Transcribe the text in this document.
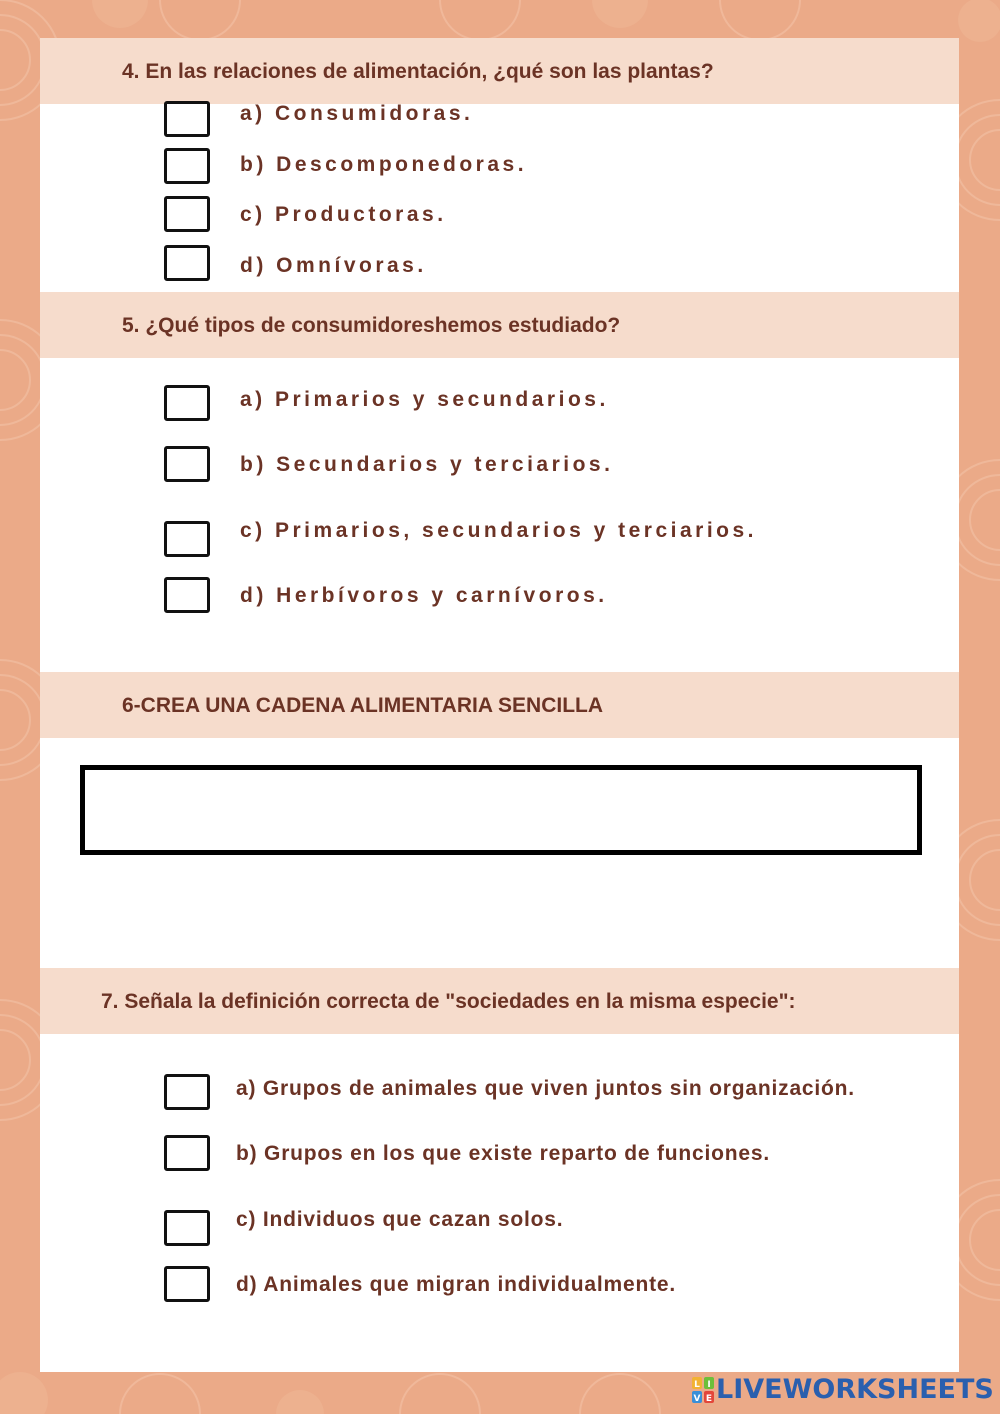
4. En las relaciones de alimentación, ¿qué son las plantas?
a) Consumidoras.
b) Descomponedoras.
c) Productoras.
d) Omnívoras.
5. ¿Qué tipos de consumidoreshemos estudiado?
a) Primarios y secundarios.
b) Secundarios y terciarios.
c) Primarios, secundarios y terciarios.
d) Herbívoros y carnívoros.
6-CREA UNA CADENA ALIMENTARIA SENCILLA
7. Señala la definición correcta de "sociedades en la misma especie":
a) Grupos de animales que viven juntos sin organización.
b) Grupos en los que existe reparto de funciones.
c) Individuos que cazan solos.
d) Animales que migran individualmente.
L I
V E LIVEWORKSHEETS
